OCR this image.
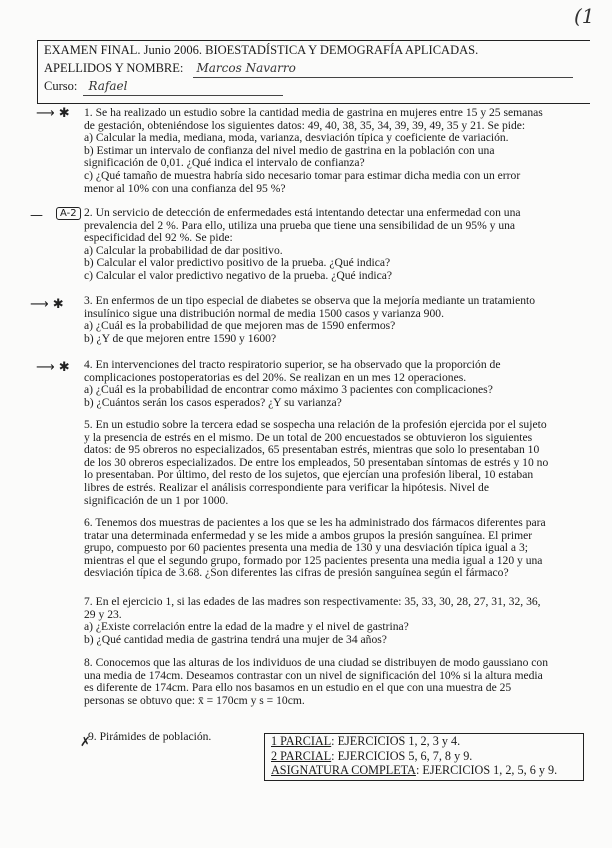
(1
EXAMEN FINAL. Junio 2006. BIOESTADÍSTICA Y DEMOGRAFÍA APLICADAS.
APELLIDOS Y NOMBRE: Marcos Navarro
Curso: Rafael
⟶ ✱
—	A-2
⟶ ✱
⟶ ✱
✗

1. Se ha realizado un estudio sobre la cantidad media de gastrina en mujeres entre 15 y 25 semanas

de gestación, obteniéndose los siguientes datos: 49, 40, 38, 35, 34, 39, 39, 49, 35 y 21. Se pide:

a) Calcular la media, mediana, moda, varianza, desviación típica y coeficiente de variación.

b) Estimar un intervalo de confianza del nivel medio de gastrina en la población con una

significación de 0,01. ¿Qué indica el intervalo de confianza?

c) ¿Qué tamaño de muestra habría sido necesario tomar para estimar dicha media con un error

menor al 10% con una confianza del 95 %?

2. Un servicio de detección de enfermedades está intentando detectar una enfermedad con una

prevalencia del 2 %. Para ello, utiliza una prueba que tiene una sensibilidad de un 95% y una

especificidad del 92 %. Se pide:

a) Calcular la probabilidad de dar positivo.

b) Calcular el valor predictivo positivo de la prueba. ¿Qué indica?

c) Calcular el valor predictivo negativo de la prueba. ¿Qué indica?

3. En enfermos de un tipo especial de diabetes se observa que la mejoría mediante un tratamiento

insulínico sigue una distribución normal de media 1500 casos y varianza 900.

a) ¿Cuál es la probabilidad de que mejoren mas de 1590 enfermos?

b) ¿Y de que mejoren entre 1590 y 1600?

4. En intervenciones del tracto respiratorio superior, se ha observado que la proporción de

complicaciones postoperatorias es del 20%. Se realizan en un mes 12 operaciones.

a) ¿Cuál es la probabilidad de encontrar como máximo 3 pacientes con complicaciones?

b) ¿Cuántos serán los casos esperados? ¿Y su varianza?

5. En un estudio sobre la tercera edad se sospecha una relación de la profesión ejercida por el sujeto

y la presencia de estrés en el mismo. De un total de 200 encuestados se obtuvieron los siguientes

datos: de 95 obreros no especializados, 65 presentaban estrés, mientras que solo lo presentaban 10

de los 30 obreros especializados. De entre los empleados, 50 presentaban síntomas de estrés y 10 no

lo presentaban. Por último, del resto de los sujetos, que ejercían una profesión liberal, 10 estaban

libres de estrés. Realizar el análisis correspondiente para verificar la hipótesis. Nivel de

significación de un 1 por 1000.

6. Tenemos dos muestras de pacientes a los que se les ha administrado dos fármacos diferentes para

tratar una determinada enfermedad y se les mide a ambos grupos la presión sanguínea. El primer

grupo, compuesto por 60 pacientes presenta una media de 130 y una desviación típica igual a 3;

mientras el que el segundo grupo, formado por 125 pacientes presenta una media igual a 120 y una

desviación típica de 3.68. ¿Son diferentes las cifras de presión sanguínea según el fármaco?

7. En el ejercicio 1, si las edades de las madres son respectivamente: 35, 33, 30, 28, 27, 31, 32, 36,

29 y 23.

a) ¿Existe correlación entre la edad de la madre y el nivel de gastrina?

b) ¿Qué cantidad media de gastrina tendrá una mujer de 34 años?

8. Conocemos que las alturas de los individuos de una ciudad se distribuyen de modo gaussiano con

una media de 174cm. Deseamos contrastar con un nivel de significación del 10% si la altura media

es diferente de 174cm. Para ello nos basamos en un estudio en el que con una muestra de 25

personas se obtuvo que: x̄ = 170cm y s = 10cm.

9. Pirámides de población.	1 PARCIAL: EJERCICIOS 1, 2, 3 y 4.

2 PARCIAL: EJERCICIOS 5, 6, 7, 8 y 9.

ASIGNATURA COMPLETA: EJERCICIOS 1, 2, 5, 6 y 9.
